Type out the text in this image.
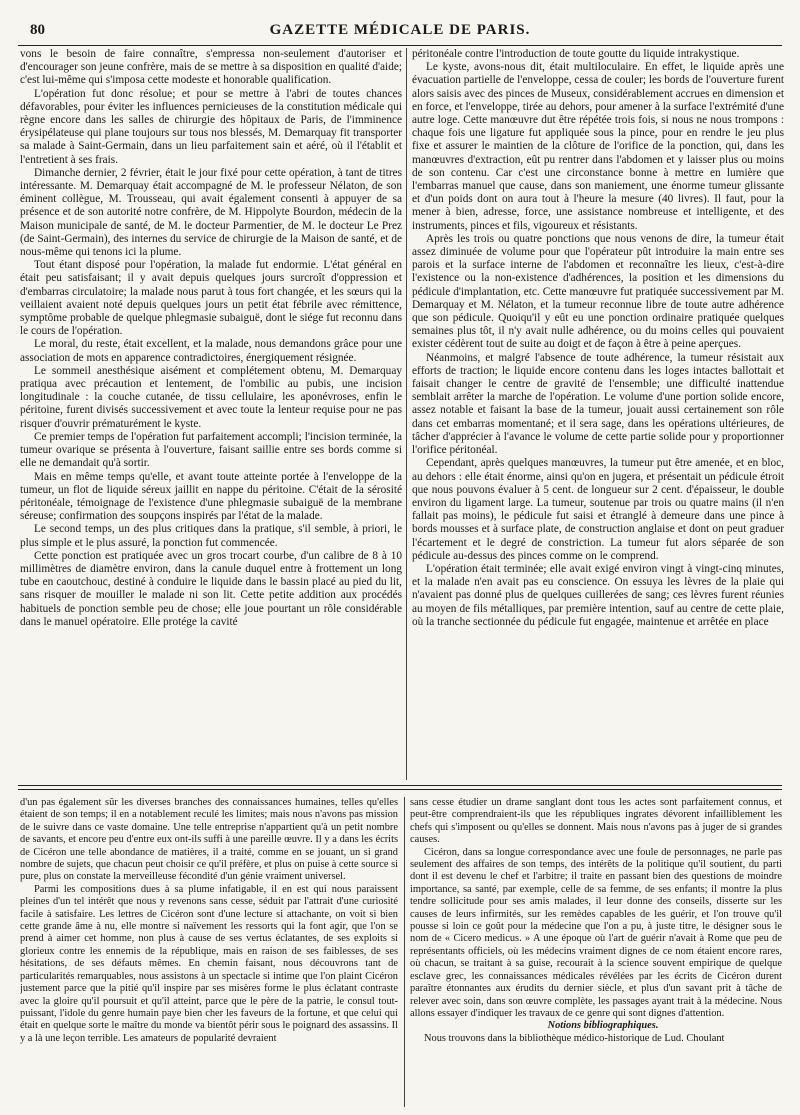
80	GAZETTE MÉDICALE DE PARIS.

vons le besoin de faire connaître, s'empressa non-seulement d'autoriser et d'encourager son jeune confrère, mais de se mettre à sa disposition en qualité d'aide; c'est lui-même qui s'imposa cette modeste et honorable qualification.

L'opération fut donc résolue; et pour se mettre à l'abri de toutes chances défavorables, pour éviter les influences pernicieuses de la constitution médicale qui règne encore dans les salles de chirurgie des hôpitaux de Paris, de l'imminence érysipélateuse qui plane toujours sur tous nos blessés, M. Demarquay fit transporter sa malade à Saint-Germain, dans un lieu parfaitement sain et aéré, où il l'établit et l'entretient à ses frais.

Dimanche dernier, 2 février, était le jour fixé pour cette opération, à tant de titres intéressante. M. Demarquay était accompagné de M. le professeur Nélaton, de son éminent collègue, M. Trousseau, qui avait également consenti à appuyer de sa présence et de son autorité notre confrère, de M. Hippolyte Bourdon, médecin de la Maison municipale de santé, de M. le docteur Parmentier, de M. le docteur Le Prez (de Saint-Germain), des internes du service de chirurgie de la Maison de santé, et de nous-même qui tenons ici la plume.

Tout étant disposé pour l'opération, la malade fut endormie. L'état général en était peu satisfaisant; il y avait depuis quelques jours surcroît d'oppression et d'embarras circulatoire; la malade nous parut à tous fort changée, et les sœurs qui la veillaient avaient noté depuis quelques jours un petit état fébrile avec rémittence, symptôme probable de quelque phlegmasie subaiguë, dont le siége fut reconnu dans le cours de l'opération.

Le moral, du reste, était excellent, et la malade, nous demandons grâce pour une association de mots en apparence contradictoires, énergiquement résignée.

Le sommeil anesthésique aisément et complétement obtenu, M. Demarquay pratiqua avec précaution et lentement, de l'ombilic au pubis, une incision longitudinale : la couche cutanée, de tissu cellulaire, les aponévroses, enfin le péritoine, furent divisés successivement et avec toute la lenteur requise pour ne pas risquer d'ouvrir prématurément le kyste.

Ce premier temps de l'opération fut parfaitement accompli; l'incision terminée, la tumeur ovarique se présenta à l'ouverture, faisant saillie entre ses bords comme si elle ne demandait qu'à sortir.

Mais en même temps qu'elle, et avant toute atteinte portée à l'enveloppe de la tumeur, un flot de liquide séreux jaillit en nappe du péritoine. C'était de la sérosité péritonéale, témoignage de l'existence d'une phlegmasie subaiguë de la membrane séreuse; confirmation des soupçons inspirés par l'état de la malade.

Le second temps, un des plus critiques dans la pratique, s'il semble, à priori, le plus simple et le plus assuré, la ponction fut commencée.

Cette ponction est pratiquée avec un gros trocart courbe, d'un calibre de 8 à 10 millimètres de diamètre environ, dans la canule duquel entre à frottement un long tube en caoutchouc, destiné à conduire le liquide dans le bassin placé au pied du lit, sans risquer de mouiller le malade ni son lit. Cette petite addition aux procédés habituels de ponction semble peu de chose; elle joue pourtant un rôle considérable dans le manuel opératoire. Elle protége la cavité

péritonéale contre l'introduction de toute goutte du liquide intrakystique.

Le kyste, avons-nous dit, était multiloculaire. En effet, le liquide après une évacuation partielle de l'enveloppe, cessa de couler; les bords de l'ouverture furent alors saisis avec des pinces de Museux, considérablement accrues en dimension et en force, et l'enveloppe, tirée au dehors, pour amener à la surface l'extrémité d'une autre loge. Cette manœuvre dut être répétée trois fois, si nous ne nous trompons : chaque fois une ligature fut appliquée sous la pince, pour en rendre le jeu plus fixe et assurer le maintien de la clôture de l'orifice de la ponction, qui, dans les manœuvres d'extraction, eût pu rentrer dans l'abdomen et y laisser plus ou moins de son contenu. Car c'est une circonstance bonne à mettre en lumière que l'embarras manuel que cause, dans son maniement, une énorme tumeur glissante et d'un poids dont on aura tout à l'heure la mesure (40 livres). Il faut, pour la mener à bien, adresse, force, une assistance nombreuse et intelligente, et des instruments, pinces et fils, vigoureux et résistants.

Après les trois ou quatre ponctions que nous venons de dire, la tumeur était assez diminuée de volume pour que l'opérateur pût introduire la main entre ses parois et la surface interne de l'abdomen et reconnaître les lieux, c'est-à-dire l'existence ou la non-existence d'adhérences, la position et les dimensions du pédicule d'implantation, etc. Cette manœuvre fut pratiquée successivement par M. Demarquay et M. Nélaton, et la tumeur reconnue libre de toute autre adhérence que son pédicule. Quoiqu'il y eût eu une ponction ordinaire pratiquée quelques semaines plus tôt, il n'y avait nulle adhérence, ou du moins celles qui pouvaient exister cédèrent tout de suite au doigt et de façon à être à peine aperçues.

Néanmoins, et malgré l'absence de toute adhérence, la tumeur résistait aux efforts de traction; le liquide encore contenu dans les loges intactes ballottait et faisait changer le centre de gravité de l'ensemble; une difficulté inattendue semblait arrêter la marche de l'opération. Le volume d'une portion solide encore, assez notable et faisant la base de la tumeur, jouait aussi certainement son rôle dans cet embarras momentané; et il sera sage, dans les opérations ultérieures, de tâcher d'apprécier à l'avance le volume de cette partie solide pour y proportionner l'orifice péritonéal.

Cependant, après quelques manœuvres, la tumeur put être amenée, et en bloc, au dehors : elle était énorme, ainsi qu'on en jugera, et présentait un pédicule étroit que nous pouvons évaluer à 5 cent. de longueur sur 2 cent. d'épaisseur, le double environ du ligament large. La tumeur, soutenue par trois ou quatre mains (il n'en fallait pas moins), le pédicule fut saisi et étranglé à demeure dans une pince à bords mousses et à surface plate, de construction anglaise et dont on peut graduer l'écartement et le degré de constriction. La tumeur fut alors séparée de son pédicule au-dessus des pinces comme on le comprend.

L'opération était terminée; elle avait exigé environ vingt à vingt-cinq minutes, et la malade n'en avait pas eu conscience. On essuya les lèvres de la plaie qui n'avaient pas donné plus de quelques cuillerées de sang; ces lèvres furent réunies au moyen de fils métalliques, par première intention, sauf au centre de cette plaie, où la tranche sectionnée du pédicule fut engagée, maintenue et arrêtée en place

d'un pas également sûr les diverses branches des connaissances humaines, telles qu'elles étaient de son temps; il en a notablement reculé les limites; mais nous n'avons pas mission de le suivre dans ce vaste domaine. Une telle entreprise n'appartient qu'à un petit nombre de savants, et encore peu d'entre eux ont-ils suffi à une pareille œuvre. Il y a dans les écrits de Cicéron une telle abondance de matières, il a traité, comme en se jouant, un si grand nombre de sujets, que chacun peut choisir ce qu'il préfère, et plus on puise à cette source si pure, plus on constate la merveilleuse fécondité d'un génie vraiment universel.

Parmi les compositions dues à sa plume infatigable, il en est qui nous paraissent pleines d'un tel intérêt que nous y revenons sans cesse, séduit par l'attrait d'une curiosité facile à satisfaire. Les lettres de Cicéron sont d'une lecture si attachante, on voit si bien cette grande âme à nu, elle montre si naïvement les ressorts qui la font agir, que l'on se prend à aimer cet homme, non plus à cause de ses vertus éclatantes, de ses exploits si glorieux contre les ennemis de la république, mais en raison de ses faiblesses, de ses hésitations, de ses défauts mêmes. En chemin faisant, nous découvrons tant de particularités remarquables, nous assistons à un spectacle si intime que l'on plaint Cicéron justement parce que la pitié qu'il inspire par ses misères forme le plus éclatant contraste avec la gloire qu'il poursuit et qu'il atteint, parce que le père de la patrie, le consul tout-puissant, l'idole du genre humain paye bien cher les faveurs de la fortune, et que celui qui était en quelque sorte le maître du monde va bientôt périr sous le poignard des assassins. Il y a là une leçon terrible. Les amateurs de popularité devraient

sans cesse étudier un drame sanglant dont tous les actes sont parfaitement connus, et peut-être comprendraient-ils que les républiques ingrates dévorent infailliblement les chefs qui s'imposent ou qu'elles se donnent. Mais nous n'avons pas à juger de si grandes causes.

Cicéron, dans sa longue correspondance avec une foule de personnages, ne parle pas seulement des affaires de son temps, des intérêts de la politique qu'il soutient, du parti dont il est devenu le chef et l'arbitre; il traite en passant bien des questions de moindre importance, sa santé, par exemple, celle de sa femme, de ses enfants; il montre la plus tendre sollicitude pour ses amis malades, il leur donne des conseils, disserte sur les causes de leurs infirmités, sur les remèdes capables de les guérir, et l'on trouve qu'il pousse si loin ce goût pour la médecine que l'on a pu, à juste titre, le désigner sous le nom de « Cicero medicus. » A une époque où l'art de guérir n'avait à Rome que peu de représentants officiels, où les médecins vraiment dignes de ce nom étaient encore rares, où chacun, se traitant à sa guise, recourait à la science souvent empirique de quelque esclave grec, les connaissances médicales révélées par les écrits de Cicéron durent paraître étonnantes aux érudits du dernier siècle, et plus d'un savant prit à tâche de relever avec soin, dans son œuvre complète, les passages ayant trait à la médecine. Nous allons essayer d'indiquer les travaux de ce genre qui sont dignes d'attention.

Notions bibliographiques.

Nous trouvons dans la bibliothèque médico-historique de Lud. Choulant
